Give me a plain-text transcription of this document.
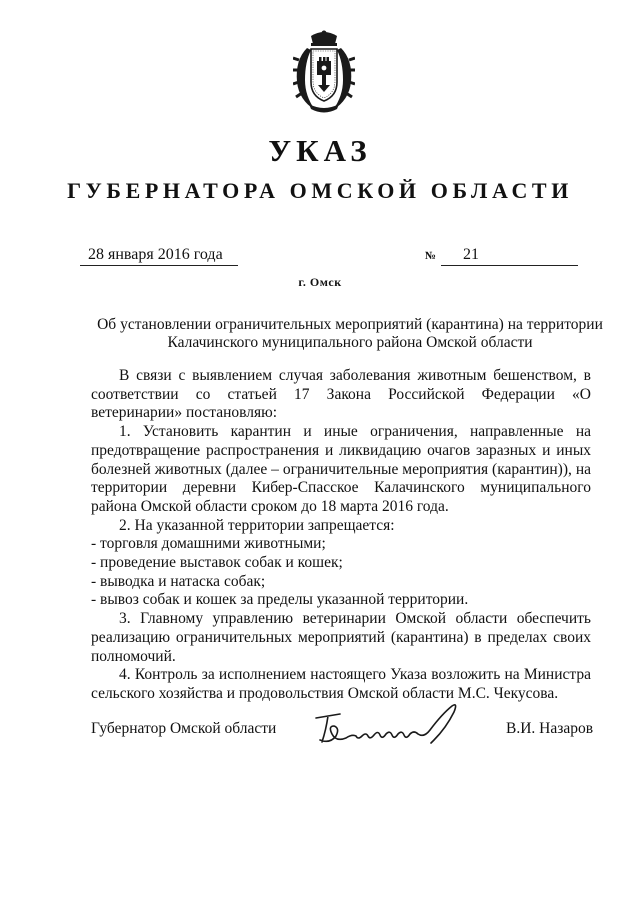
УКАЗ
ГУБЕРНАТОРА ОМСКОЙ ОБЛАСТИ
28 января 2016 года	№	21
г. Омск
Об установлении ограничительных мероприятий (карантина) на территории
Калачинского муниципального района Омской области

В связи с выявлением случая заболевания животным бешенством, в соответствии со статьей 17 Закона Российской Федерации «О ветеринарии» постановляю:

1. Установить карантин и иные ограничения, направленные на предотвращение распространения и ликвидацию очагов заразных и иных болезней животных (далее – ограничительные мероприятия (карантин)), на территории деревни Кибер-Спасское Калачинского муниципального района Омской области сроком до 18 марта 2016 года.

2. На указанной территории запрещается:

- торговля домашними животными;

- проведение выставок собак и кошек;

- выводка и натаска собак;

- вывоз собак и кошек за пределы указанной территории.

3. Главному управлению ветеринарии Омской области обеспечить реализацию ограничительных мероприятий (карантина) в пределах своих полномочий.

4. Контроль за исполнением настоящего Указа возложить на Министра сельского хозяйства и продовольствия Омской области М.С. Чекусова.

Губернатор Омской области	В.И. Назаров
